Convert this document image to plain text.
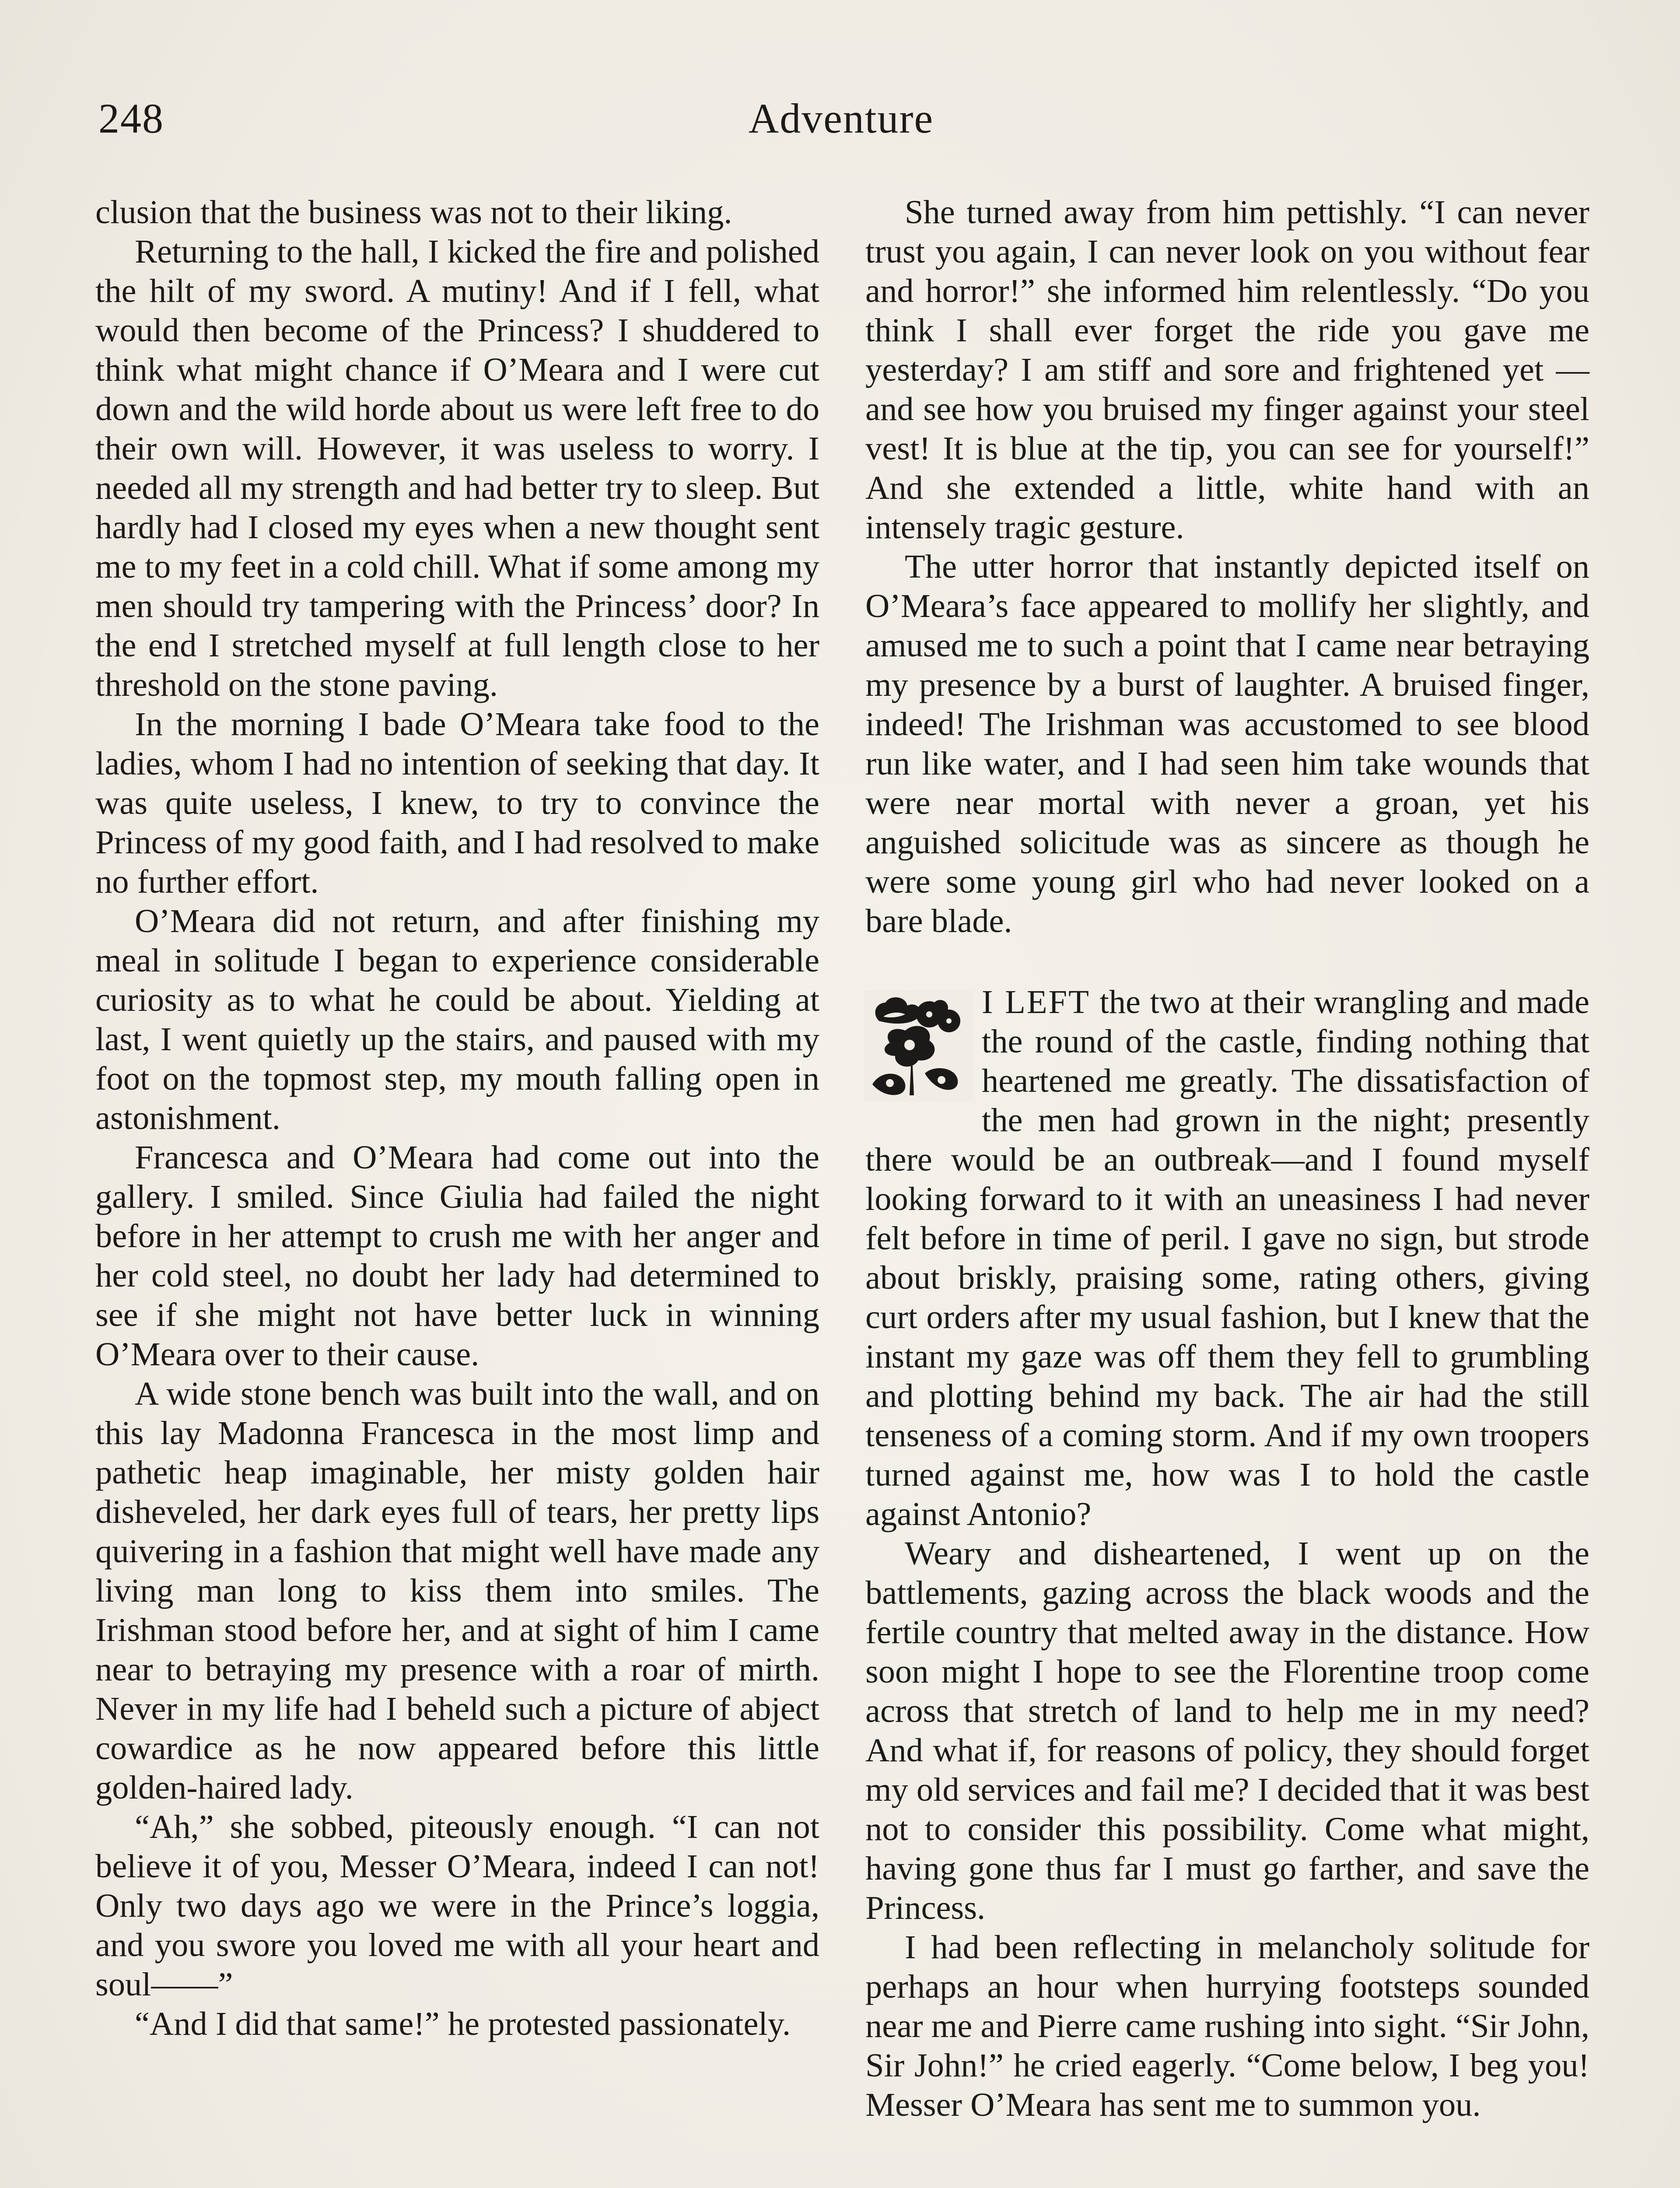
248	Adventure

clusion that the business was not to their liking.

Returning to the hall, I kicked the fire and polished the hilt of my sword. A mutiny! And if I fell, what would then become of the Princess? I shuddered to think what might chance if O’Meara and I were cut down and the wild horde about us were left free to do their own will. However, it was useless to worry. I needed all my strength and had better try to sleep. But hardly had I closed my eyes when a new thought sent me to my feet in a cold chill. What if some among my men should try tampering with the Princess’ door? In the end I stretched myself at full length close to her threshold on the stone paving.

In the morning I bade O’Meara take food to the ladies, whom I had no intention of seeking that day. It was quite useless, I knew, to try to convince the Princess of my good faith, and I had resolved to make no further effort.

O’Meara did not return, and after finishing my meal in solitude I began to experience considerable curiosity as to what he could be about. Yielding at last, I went quietly up the stairs, and paused with my foot on the topmost step, my mouth falling open in astonishment.

Francesca and O’Meara had come out into the gallery. I smiled. Since Giulia had failed the night before in her attempt to crush me with her anger and her cold steel, no doubt her lady had determined to see if she might not have better luck in winning O’Meara over to their cause.

A wide stone bench was built into the wall, and on this lay Madonna Francesca in the most limp and pathetic heap imaginable, her misty golden hair disheveled, her dark eyes full of tears, her pretty lips quivering in a fashion that might well have made any living man long to kiss them into smiles. The Irishman stood before her, and at sight of him I came near to betraying my presence with a roar of mirth. Never in my life had I beheld such a picture of abject cowardice as he now appeared before this little golden-haired lady.

“Ah,” she sobbed, piteously enough. “I can not believe it of you, Messer O’Meara, indeed I can not! Only two days ago we were in the Prince’s loggia, and you swore you loved me with all your heart and soul——”

“And I did that same!” he protested passionately.

She turned away from him pettishly. “I can never trust you again, I can never look on you without fear and horror!” she informed him relentlessly. “Do you think I shall ever forget the ride you gave me yesterday? I am stiff and sore and frightened yet —and see how you bruised my finger against your steel vest! It is blue at the tip, you can see for yourself!” And she extended a little, white hand with an intensely tragic gesture.

The utter horror that instantly depicted itself on O’Meara’s face appeared to mollify her slightly, and amused me to such a point that I came near betraying my presence by a burst of laughter. A bruised finger, indeed! The Irishman was accustomed to see blood run like water, and I had seen him take wounds that were near mortal with never a groan, yet his anguished solicitude was as sincere as though he were some young girl who had never looked on a bare blade.

I LEFT the two at their wrangling and made the round of the castle, finding nothing that heartened me greatly. The dissatisfaction of the men had grown in the night; presently there would be an outbreak—and I found myself looking forward to it with an uneasiness I had never felt before in time of peril. I gave no sign, but strode about briskly, praising some, rating others, giving curt orders after my usual fashion, but I knew that the instant my gaze was off them they fell to grumbling and plotting behind my back. The air had the still tenseness of a coming storm. And if my own troopers turned against me, how was I to hold the castle against Antonio?

Weary and disheartened, I went up on the battlements, gazing across the black woods and the fertile country that melted away in the distance. How soon might I hope to see the Florentine troop come across that stretch of land to help me in my need? And what if, for reasons of policy, they should forget my old services and fail me? I decided that it was best not to consider this possibility. Come what might, having gone thus far I must go farther, and save the Princess.

I had been reflecting in melancholy solitude for perhaps an hour when hurrying footsteps sounded near me and Pierre came rushing into sight. “Sir John, Sir John!” he cried eagerly. “Come below, I beg you! Messer O’Meara has sent me to summon you.
